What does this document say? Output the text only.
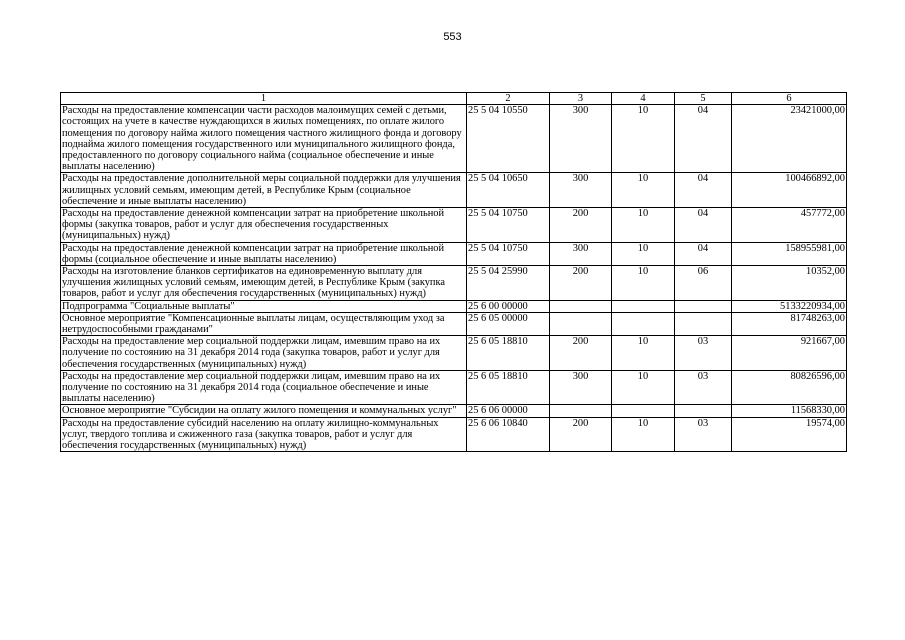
553
1	2	3	4	5	6
Расходы на предоставление компенсации части расходов малоимущих семей с детьми, состоящих на учете в качестве нуждающихся в жилых помещениях, по оплате жилого помещения по договору найма жилого помещения частного жилищного фонда и договору поднайма жилого помещения государственного или муниципального жилищного фонда, предоставленного по договору социального найма (социальное обеспечение и иные выплаты населению)	25 5 04 10550	300	10	04	23421000,00
Расходы на предоставление дополнительной меры социальной поддержки для улучшения жилищных условий семьям, имеющим детей, в Республике Крым (социальное обеспечение и иные выплаты населению)	25 5 04 10650	300	10	04	100466892,00
Расходы на предоставление денежной компенсации затрат на приобретение школьной формы (закупка товаров, работ и услуг для обеспечения государственных (муниципальных) нужд)	25 5 04 10750	200	10	04	457772,00
Расходы на предоставление денежной компенсации затрат на приобретение школьной формы (социальное обеспечение и иные выплаты населению)	25 5 04 10750	300	10	04	158955981,00
Расходы на изготовление бланков сертификатов на единовременную выплату для улучшения жилищных условий семьям, имеющим детей, в Республике Крым (закупка товаров, работ и услуг для обеспечения государственных (муниципальных) нужд)	25 5 04 25990	200	10	06	10352,00
Подпрограмма "Социальные выплаты"	25 6 00 00000				5133220934,00
Основное мероприятие "Компенсационные выплаты лицам, осуществляющим уход за нетрудоспособными гражданами"	25 6 05 00000				81748263,00
Расходы на предоставление мер социальной поддержки лицам, имевшим право на их получение по состоянию на 31 декабря 2014 года (закупка товаров, работ и услуг для обеспечения государственных (муниципальных) нужд)	25 6 05 18810	200	10	03	921667,00
Расходы на предоставление мер социальной поддержки лицам, имевшим право на их получение по состоянию на 31 декабря 2014 года (социальное обеспечение и иные выплаты населению)	25 6 05 18810	300	10	03	80826596,00
Основное мероприятие "Субсидии на оплату жилого помещения и коммунальных услуг"	25 6 06 00000				11568330,00
Расходы на предоставление субсидий населению на оплату жилищно-коммунальных услуг, твердого топлива и сжиженного газа (закупка товаров, работ и услуг для обеспечения государственных (муниципальных) нужд)	25 6 06 10840	200	10	03	19574,00
